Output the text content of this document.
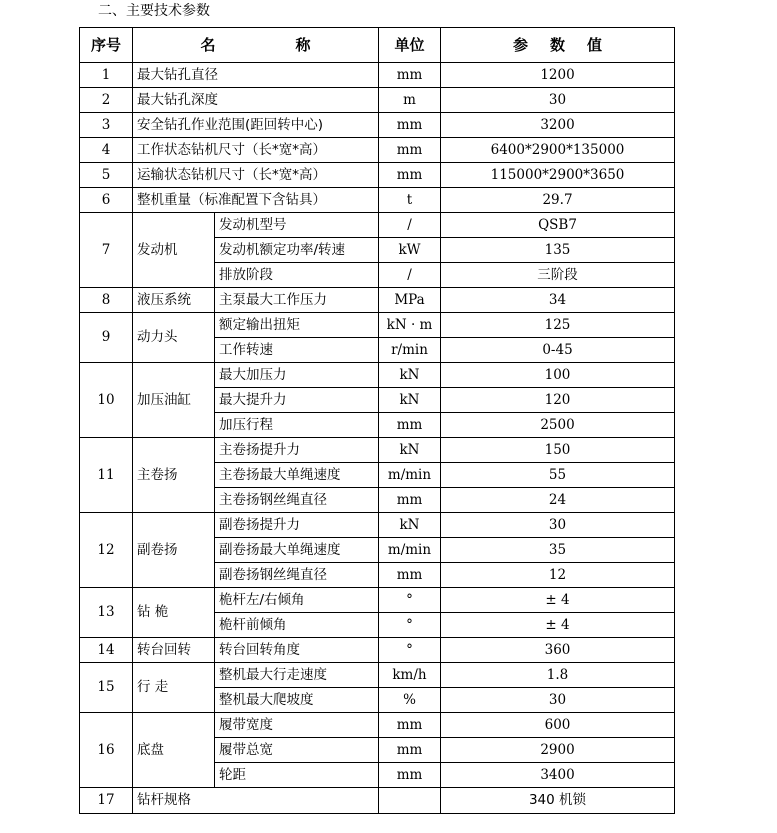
二、主要技术参数
序号	名 称		单位	参 数 值
1	最大钻孔直径		mm	1200
2	最大钻孔深度		m	30
3	安全钻孔作业范围(距回转中心)		mm	3200
4	工作状态钻机尺寸（长*宽*高）		mm	6400*2900*135000
5	运输状态钻机尺寸（长*宽*高）		mm	115000*2900*3650
6	整机重量（标准配置下含钻具）		t	29.7
7	发动机	发动机型号	/	QSB7
		发动机额定功率/转速	kW	135
		排放阶段	/	三阶段
8	液压系统	主泵最大工作压力	MPa	34
9	动力头	额定输出扭矩	kN · m	125
		工作转速	r/min	0-45
10	加压油缸	最大加压力	kN	100
		最大提升力	kN	120
		加压行程	mm	2500
11	主卷扬	主卷扬提升力	kN	150
		主卷扬最大单绳速度	m/min	55
		主卷扬钢丝绳直径	mm	24
12	副卷扬	副卷扬提升力	kN	30
		副卷扬最大单绳速度	m/min	35
		副卷扬钢丝绳直径	mm	12
13	钻 桅	桅杆左/右倾角	°	± 4
		桅杆前倾角	°	± 4
14	转台回转	转台回转角度	°	360
15	行 走	整机最大行走速度	km/h	1.8
		整机最大爬坡度	%	30
16	底盘	履带宽度	mm	600
		履带总宽	mm	2900
		轮距	mm	3400
17	钻杆规格			340 机锁
